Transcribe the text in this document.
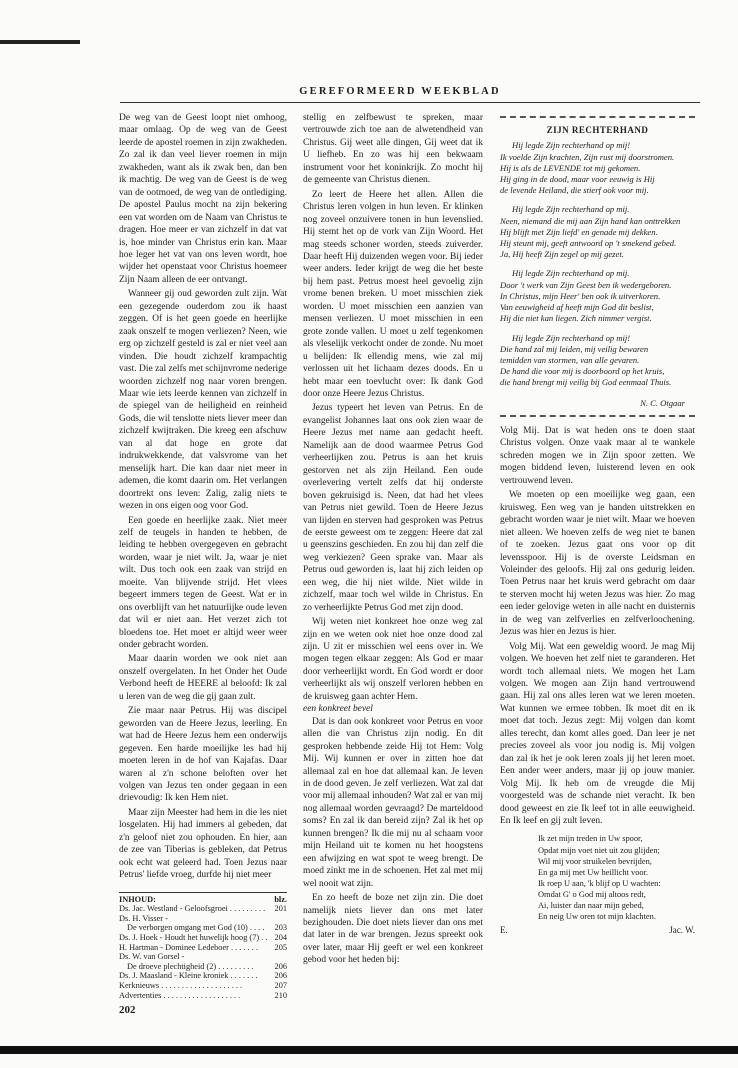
GEREFORMEERD WEEKBLAD

De weg van de Geest loopt niet omhoog, maar omlaag. Op de weg van de Geest leerde de apostel roemen in zijn zwakheden. Zo zal ik dan veel liever roemen in mijn zwakheden, want als ik zwak ben, dan ben ik machtig. De weg van de Geest is de weg van de ootmoed, de weg van de ontlediging. De apostel Paulus mocht na zijn bekering een vat worden om de Naam van Christus te dragen. Hoe meer er van zichzelf in dat vat is, hoe minder van Christus erin kan. Maar hoe leger het vat van ons leven wordt, hoe wijder het openstaat voor Christus hoemeer Zijn Naam alleen de eer ontvangt.

Wanneer gij oud geworden zult zijn. Wat een gezegende ouderdom zou ik haast zeggen. Of is het geen goede en heerlijke zaak onszelf te mogen verliezen? Neen, wie erg op zichzelf gesteld is zal er niet veel aan vinden. Die houdt zichzelf krampachtig vast. Die zal zelfs met schijnvrome nederige woorden zichzelf nog naar voren brengen. Maar wie iets leerde kennen van zichzelf in de spiegel van de heiligheid en reinheid Gods, die wil tenslotte niets liever meer dan zichzelf kwijtraken. Die kreeg een afschuw van al dat hoge en grote dat indrukwekkende, dat valsvrome van het menselijk hart. Die kan daar niet meer in ademen, die komt daarin om. Het verlangen doortrekt ons leven: Zalig, zalig niets te wezen in ons eigen oog voor God.

Een goede en heerlijke zaak. Niet meer zelf de teugels in handen te hebben, de leiding te hebben overgegeven en gebracht worden, waar je niet wilt. Ja, waar je niet wilt. Dus toch ook een zaak van strijd en moeite. Van blijvende strijd. Het vlees begeert immers tegen de Geest. Wat er in ons overblijft van het natuurlijke oude leven dat wil er niet aan. Het verzet zich tot bloedens toe. Het moet er altijd weer weer onder gebracht worden.

Maar daarin worden we ook niet aan onszelf overgelaten. In het Onder het Oude Verbond heeft de HEERE al beloofd: Ik zal u leren van de weg die gij gaan zult.

Zie maar naar Petrus. Hij was discipel geworden van de Heere Jezus, leerling. En wat had de Heere Jezus hem een onderwijs gegeven. Een harde moeilijke les had hij moeten leren in de hof van Kajafas. Daar waren al z'n schone beloften over het volgen van Jezus ten onder gegaan in een drievoudig: Ik ken Hem niet.

Maar zijn Meester had hem in die les niet losgelaten. Hij had immers al gebeden, dat z'n geloof niet zou ophouden. En hier, aan de zee van Tiberias is gebleken, dat Petrus ook echt wat geleerd had. Toen Jezus naar Petrus' liefde vroeg, durfde hij niet meer

INHOUD:	blz.
Ds. Jac. Westland - Geloofsgroei . . . . . . . . .	201
Ds. H. Visser -
De verborgen omgang met God (10) . . . .	203
Ds. J. Hoek - Houdt het huwelijk hoog (7) . . 204
H. Hartman - Dominee Ledeboer . . . . . . .	205
Ds. W. van Gorsel -
De droeve plechtigheid (2) . . . . . . . . .	206
Ds. J. Maasland - Kleine kroniek . . . . . . .	206
Kerknieuws . . . . . . . . . . . . . . . . . . . .	207
Advertenties . . . . . . . . . . . . . . . . . . .	210

stellig en zelfbewust te spreken, maar vertrouwde zich toe aan de alwetendheid van Christus. Gij weet alle dingen, Gij weet dat ik U liefheb. En zo was hij een bekwaam instrument voor het koninkrijk. Zo mocht hij de gemeente van Christus dienen.

Zo leert de Heere het allen. Allen die Christus leren volgen in hun leven. Er klinken nog zoveel onzuivere tonen in hun levenslied. Hij stemt het op de vork van Zijn Woord. Het mag steeds schoner worden, steeds zuiverder. Daar heeft Hij duizenden wegen voor. Bij ieder weer anders. Ieder krijgt de weg die het beste bij hem past. Petrus moest heel gevoelig zijn vrome benen breken. U moet misschien ziek worden. U moet misschien een aanzien van mensen verliezen. U moet misschien in een grote zonde vallen. U moet u zelf tegenkomen als vleselijk verkocht onder de zonde. Nu moet u belijden: Ik ellendig mens, wie zal mij verlossen uit het lichaam dezes doods. En u hebt maar een toevlucht over: Ik dank God door onze Heere Jezus Christus.

Jezus typeert het leven van Petrus. En de evangelist Johannes laat ons ook zien waar de Heere Jezus met name aan gedacht heeft. Namelijk aan de dood waarmee Petrus God verheerlijken zou. Petrus is aan het kruis gestorven net als zijn Heiland. Een oude overlevering vertelt zelfs dat hij onderste boven gekruisigd is. Neen, dat had het vlees van Petrus niet gewild. Toen de Heere Jezus van lijden en sterven had gesproken was Petrus de eerste geweest om te zeggen: Heere dat zal u geenszins geschieden. En zou hij dan zelf die weg verkiezen? Geen sprake van. Maar als Petrus oud geworden is, laat hij zich leiden op een weg, die hij niet wilde. Niet wilde in zichzelf, maar toch wel wilde in Christus. En zo verheerlijkte Petrus God met zijn dood.

Wij weten niet konkreet hoe onze weg zal zijn en we weten ook niet hoe onze dood zal zijn. U zit er misschien wel eens over in. We mogen tegen elkaar zeggen: Als God er maar door verheerlijkt wordt. En God wordt er door verheerlijkt als wij onszelf verloren hebben en de kruisweg gaan achter Hem.

een konkreet bevel

Dat is dan ook konkreet voor Petrus en voor allen die van Christus zijn nodig. En dit gesproken hebbende zeide Hij tot Hem: Volg Mij. Wij kunnen er over in zitten hoe dat allemaal zal en hoe dat allemaal kan. Je leven in de dood geven. Je zelf verliezen. Wat zal dat voor mij allemaal inhouden? Wat zal er van mij nog allemaal worden gevraagd? De marteldood soms? En zal ik dan bereid zijn? Zal ik het op kunnen brengen? Ik die mij nu al schaam voor mijn Heiland uit te komen nu het hoogstens een afwijzing en wat spot te weeg brengt. De moed zinkt me in de schoenen. Het zal met mij wel nooit wat zijn.

En zo heeft de boze net zijn zin. Die doet namelijk niets liever dan ons met later bezighouden. Die doet niets liever dan ons met dat later in de war brengen. Jezus spreekt ook over later, maar Hij geeft er wel een konkreet gebod voor het heden bij:

ZIJN RECHTERHAND
Hij legde Zijn rechterhand op mij!
Ik voelde Zijn krachten, Zijn rust mij doorstromen.
Hij is als de LEVENDE tot mij gekomen.
Hij ging in de dood, maar voor eeuwig is Hij
de levende Heiland, die stierf ook voor mij.
Hij legde Zijn rechterhand op mij.
Neen, niemand die mij aan Zijn hand kan onttrekken
Hij blijft met Zijn liefd' en genade mij dekken.
Hij steunt mij, geeft antwoord op 't smekend gebed.
Ja, Hij heeft Zijn zegel op mij gezet.
Hij legde Zijn rechterhand op mij.
Door 't werk van Zijn Geest ben ik wedergeboren.
In Christus, mijn Heer' ben ook ik uitverkoren.
Van eeuwigheid af heeft mijn God dit beslist,
Hij die niet kan liegen. Zich nimmer vergist.
Hij legde Zijn rechterhand op mij!
Die hand zal mij leiden, mij veilig bewaren
temidden van stormen, van alle gevaren.
De hand die voor mij is doorboord op het kruis,
die hand brengt mij veilig bij God eenmaal Thuis.
N. C. Otgaar

Volg Mij. Dat is wat heden ons te doen staat Christus volgen. Onze vaak maar al te wankele schreden mogen we in Zijn spoor zetten. We mogen biddend leven, luisterend leven en ook vertrouwend leven.

We moeten op een moeilijke weg gaan, een kruisweg. Een weg van je handen uitstrekken en gebracht worden waar je niet wilt. Maar we hoeven niet alleen. We hoeven zelfs de weg niet te banen of te zoeken. Jezus gaat ons voor op dit levensspoor. Hij is de overste Leidsman en Voleinder des geloofs. Hij zal ons gedurig leiden. Toen Petrus naar het kruis werd gebracht om daar te sterven mocht hij weten Jezus was hier. Zo mag een ieder gelovige weten in alle nacht en duisternis in de weg van zelfverlies en zelfverloochening. Jezus was hier en Jezus is hier.

Volg Mij. Wat een geweldig woord. Je mag Mij volgen. We hoeven het zelf niet te garanderen. Het wordt toch allemaal niets. We mogen het Lam volgen. We mogen aan Zijn hand vertrouwend gaan. Hij zal ons alles leren wat we leren moeten. Wat kunnen we ermee tobben. Ik moet dit en ik moet dat toch. Jezus zegt: Mij volgen dan komt alles terecht, dan komt alles goed. Dan leer je net precies zoveel als voor jou nodig is. Mij volgen dan zal ik het je ook leren zoals jij het leren moet. Een ander weer anders, maar jij op jouw manier. Volg Mij. Ik heb om de vreugde die Mij voorgesteld was de schande niet veracht. Ik ben dood geweest en zie Ik leef tot in alle eeuwigheid. En Ik leef en gij zult leven.

Ik zet mijn treden in Uw spoor,
Opdat mijn voet niet uit zou glijden;
Wil mij voor struikelen bevrijden,
En ga mij met Uw heillicht voor.
Ik roep U aan, 'k blijf op U wachten:
Omdat G' o God mij altoos redt,
Ai, luister dan naar mijn gebed,
En neig Uw oren tot mijn klachten.
E.	Jac. W.
202
